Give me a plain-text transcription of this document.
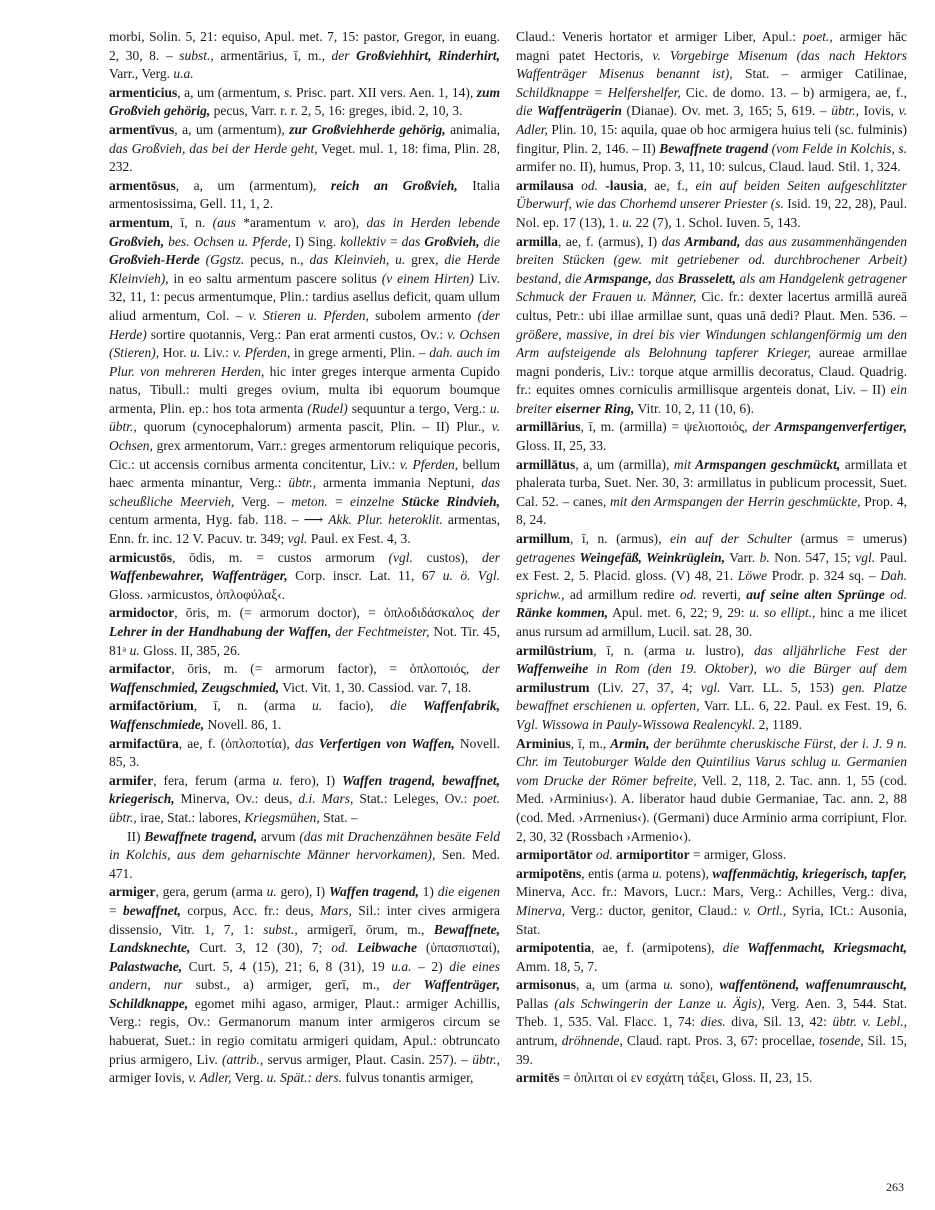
morbi, Solin. 5, 21: equiso, Apul. met. 7, 15: pastor, Gregor, in euang. 2, 30, 8. – subst., armentārius, ī, m., der Großviehhirt, Rinderhirt, Varr., Verg. u.a.

armenticius, a, um (armentum, s. Prisc. part. XII vers. Aen. 1, 14), zum Großvieh gehörig, pecus, Varr. r. r. 2, 5, 16: greges, ibid. 2, 10, 3.

armentīvus, a, um (armentum), zur Großviehherde gehörig, animalia, das Großvieh, das bei der Herde geht, Veget. mul. 1, 18: fima, Plin. 28, 232.

armentōsus, a, um (armentum), reich an Großvieh, Italia armentosissima, Gell. 11, 1, 2.

armentum, ī, n. (aus *aramentum v. aro), das in Herden lebende Großvieh, bes. Ochsen u. Pferde, I) Sing. kollektiv = das Großvieh, die Großvieh-Herde (Ggstz. pecus, n., das Kleinvieh, u. grex, die Herde Kleinvieh), in eo saltu armentum pascere solitus (v einem Hirten) Liv. 32, 11, 1: pecus armentumque, Plin.: tardius asellus deficit, quam ullum aliud armentum, Col. – v. Stieren u. Pferden, subolem armento (der Herde) sortire quotannis, Verg.: Pan erat armenti custos, Ov.: v. Ochsen (Stieren), Hor. u. Liv.: v. Pferden, in grege armenti, Plin. – dah. auch im Plur. von mehreren Herden, hic inter greges interque armenta Cupido natus, Tibull.: multi greges ovium, multa ibi equorum boumque armenta, Plin. ep.: hos tota armenta (Rudel) sequuntur a tergo, Verg.: u. übtr., quorum (cynocephalorum) armenta pascit, Plin. – II) Plur., v. Ochsen, grex armentorum, Varr.: greges armentorum reliquique pecoris, Cic.: ut accensis cornibus armenta concitentur, Liv.: v. Pferden, bellum haec armenta minantur, Verg.: übtr., armenta immania Neptuni, das scheußliche Meervieh, Verg. – meton. = einzelne Stücke Rindvieh, centum armenta, Hyg. fab. 118. – ⟶ Akk. Plur. heteroklit. armentas, Enn. fr. inc. 12 V. Pacuv. tr. 349; vgl. Paul. ex Fest. 4, 3.

armicustōs, ōdis, m. = custos armorum (vgl. custos), der Waffenbewahrer, Waffenträger, Corp. inscr. Lat. 11, 67 u. ö. Vgl. Gloss. ›armicustos, ὁπλοφύλαξ‹.

armidoctor, ōris, m. (= armorum doctor), = ὁπλοδιδάσκαλος der Lehrer in der Handhabung der Waffen, der Fechtmeister, Not. Tir. 45, 81ᵃ u. Gloss. II, 385, 26.

armifactor, ōris, m. (= armorum factor), = ὁπλοποιός, der Waffenschmied, Zeugschmied, Vict. Vit. 1, 30. Cassiod. var. 7, 18.

armifactōrium, ī, n. (arma u. facio), die Waffenfabrik, Waffenschmiede, Novell. 86, 1.

armifactūra, ae, f. (ὁπλοποτία), das Verfertigen von Waffen, Novell. 85, 3.

armifer, fera, ferum (arma u. fero), I) Waffen tragend, bewaffnet, kriegerisch, Minerva, Ov.: deus, d.i. Mars, Stat.: Leleges, Ov.: poet. übtr., irae, Stat.: labores, Kriegsmühen, Stat. –

II) Bewaffnete tragend, arvum (das mit Drachenzähnen besäte Feld in Kolchis, aus dem geharnischte Männer hervorkamen), Sen. Med. 471.

armiger, gera, gerum (arma u. gero), I) Waffen tragend, 1) die eigenen = bewaffnet, corpus, Acc. fr.: deus, Mars, Sil.: inter cives armigera dissensio, Vitr. 1, 7, 1: subst., armigerī, ōrum, m., Bewaffnete, Landsknechte, Curt. 3, 12 (30), 7; od. Leibwache (ὑπασπισταί), Palastwache, Curt. 5, 4 (15), 21; 6, 8 (31), 19 u.a. – 2) die eines andern, nur subst., a) armiger, gerī, m., der Waffenträger, Schildknappe, egomet mihi agaso, armiger, Plaut.: armiger Achillis, Verg.: regis, Ov.: Germanorum manum inter armigeros circum se habuerat, Suet.: in regio comitatu armigeri quidam, Apul.: obtruncato prius armigero, Liv. (attrib., servus armiger, Plaut. Casin. 257). – übtr., armiger Iovis, v. Adler, Verg. u. Spät.: ders. fulvus tonantis armiger,

Claud.: Veneris hortator et armiger Liber, Apul.: poet., armiger hāc magni patet Hectoris, v. Vorgebirge Misenum (das nach Hektors Waffenträger Misenus benannt ist), Stat. – armiger Catilinae, Schildknappe = Helfershelfer, Cic. de domo. 13. – b) armigera, ae, f., die Waffenträgerin (Dianae). Ov. met. 3, 165; 5, 619. – übtr., Iovis, v. Adler, Plin. 10, 15: aquila, quae ob hoc armigera huius teli (sc. fulminis) fingitur, Plin. 2, 146. – II) Bewaffnete tragend (vom Felde in Kolchis, s. armifer no. II), humus, Prop. 3, 11, 10: sulcus, Claud. laud. Stil. 1, 324.

armilausa od. -lausia, ae, f., ein auf beiden Seiten aufgeschlitzter Überwurf, wie das Chorhemd unserer Priester (s. Isid. 19, 22, 28), Paul. Nol. ep. 17 (13), 1. u. 22 (7), 1. Schol. Iuven. 5, 143.

armilla, ae, f. (armus), I) das Armband, das aus zusammenhängenden breiten Stücken (gew. mit getriebener od. durchbrochener Arbeit) bestand, die Armspange, das Brasselett, als am Handgelenk getragener Schmuck der Frauen u. Männer, Cic. fr.: dexter lacertus armillā aureā cultus, Petr.: ubi illae armillae sunt, quas unā dedi? Plaut. Men. 536. – größere, massive, in drei bis vier Windungen schlangenförmig um den Arm aufsteigende als Belohnung tapferer Krieger, aureae armillae magni ponderis, Liv.: torque atque armillis decoratus, Claud. Quadrig. fr.: equites omnes corniculis armillisque argenteis donat, Liv. – II) ein breiter eiserner Ring, Vitr. 10, 2, 11 (10, 6).

armillārius, ī, m. (armilla) = ψελιοποιός, der Armspangenverfertiger, Gloss. II, 25, 33.

armillātus, a, um (armilla), mit Armspangen geschmückt, armillata et phalerata turba, Suet. Ner. 30, 3: armillatus in publicum processit, Suet. Cal. 52. – canes, mit den Armspangen der Herrin geschmückte, Prop. 4, 8, 24.

armillum, ī, n. (armus), ein auf der Schulter (armus = umerus) getragenes Weingefäß, Weinkrüglein, Varr. b. Non. 547, 15; vgl. Paul. ex Fest. 2, 5. Placid. gloss. (V) 48, 21. Löwe Prodr. p. 324 sq. – Dah. sprichw., ad armillum redire od. reverti, auf seine alten Sprünge od. Ränke kommen, Apul. met. 6, 22; 9, 29: u. so ellipt., hinc a me ilicet anus rursum ad armillum, Lucil. sat. 28, 30.

armilūstrium, ī, n. (arma u. lustro), das alljährliche Fest der Waffenweihe in Rom (den 19. Oktober), wo die Bürger auf dem armilustrum (Liv. 27, 37, 4; vgl. Varr. LL. 5, 153) gen. Platze bewaffnet erschienen u. opferten, Varr. LL. 6, 22. Paul. ex Fest. 19, 6. Vgl. Wissowa in Pauly-Wissowa Realencykl. 2, 1189.

Arminius, ī, m., Armin, der berühmte cheruskische Fürst, der i. J. 9 n. Chr. im Teutoburger Walde den Quintilius Varus schlug u. Germanien vom Drucke der Römer befreite, Vell. 2, 118, 2. Tac. ann. 1, 55 (cod. Med. ›Arminius‹). A. liberator haud dubie Germaniae, Tac. ann. 2, 88 (cod. Med. ›Arrnenius‹). (Germani) duce Arminio arma corripiunt, Flor. 2, 30, 32 (Rossbach ›Armenio‹).

armiportātor od. armiportitor = armiger, Gloss.

armipotēns, entis (arma u. potens), waffenmächtig, kriegerisch, tapfer, Minerva, Acc. fr.: Mavors, Lucr.: Mars, Verg.: Achilles, Verg.: diva, Minerva, Verg.: ductor, genitor, Claud.: v. Ortl., Syria, ICt.: Ausonia, Stat.

armipotentia, ae, f. (armipotens), die Waffenmacht, Kriegsmacht, Amm. 18, 5, 7.

armisonus, a, um (arma u. sono), waffentönend, waffenumrauscht, Pallas (als Schwingerin der Lanze u. Ägis), Verg. Aen. 3, 544. Stat. Theb. 1, 535. Val. Flacc. 1, 74: dies. diva, Sil. 13, 42: übtr. v. Lebl., antrum, dröhnende, Claud. rapt. Pros. 3, 67: procellae, tosende, Sil. 15, 39.

armitēs = ὁπλιται οἱ εν εσχάτη τάξει, Gloss. II, 23, 15.

263
